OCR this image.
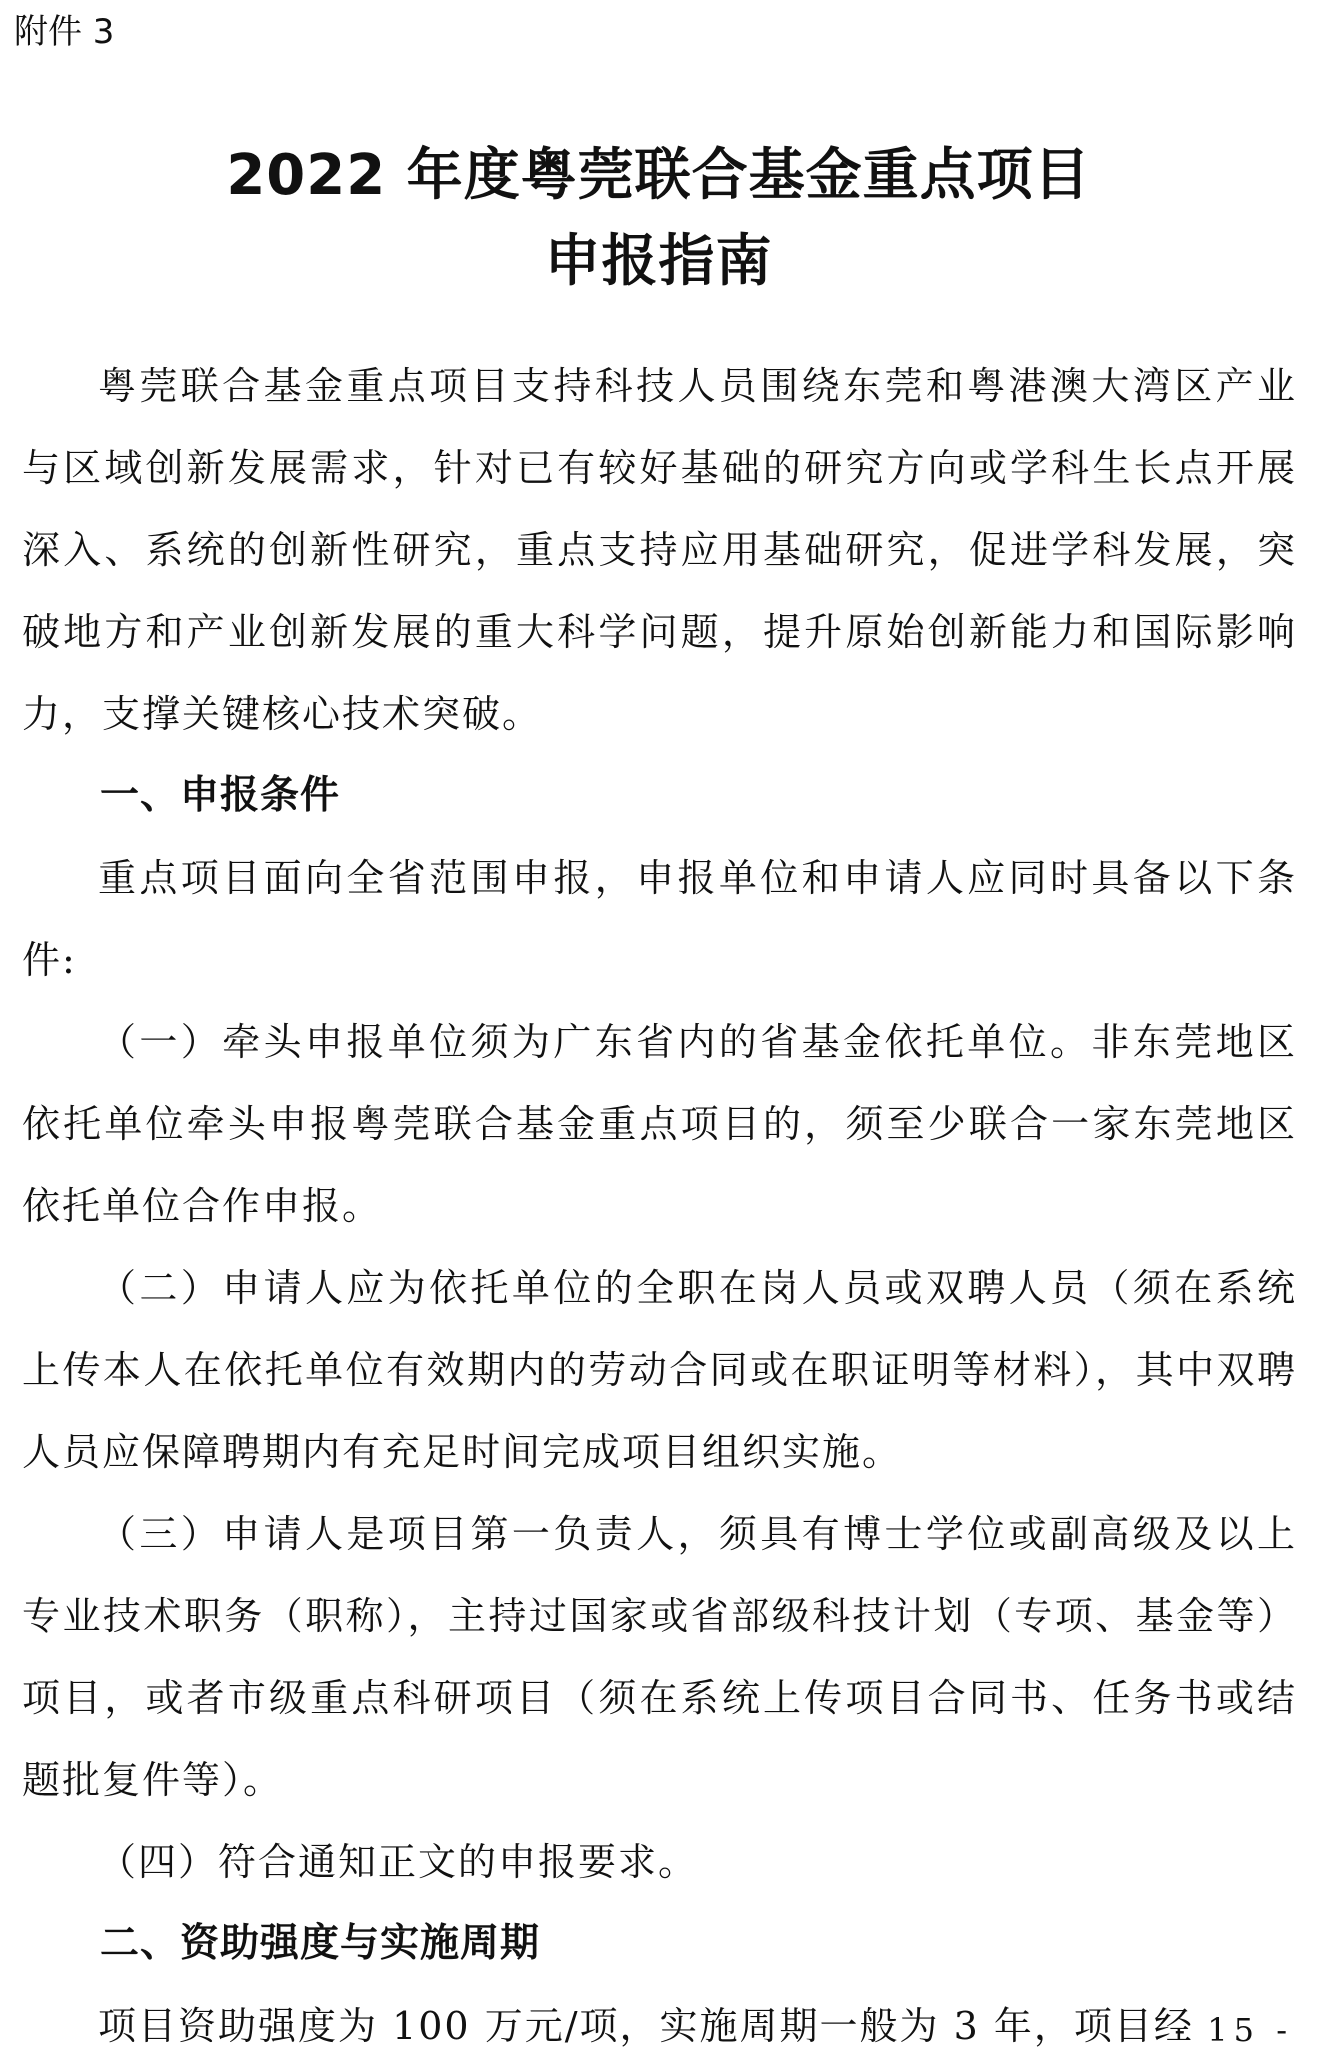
附件 3
2022 年度粤莞联合基金重点项目
申报指南

粤莞联合基金重点项目支持科技人员围绕东莞和粤港澳大湾区产业与区域创新发展需求，针对已有较好基础的研究方向或学科生长点开展深入、系统的创新性研究，重点支持应用基础研究，促进学科发展，突破地方和产业创新发展的重大科学问题，提升原始创新能力和国际影响力，支撑关键核心技术突破。

一、申报条件

重点项目面向全省范围申报，申报单位和申请人应同时具备以下条件:

（一）牵头申报单位须为广东省内的省基金依托单位。非东莞地区依托单位牵头申报粤莞联合基金重点项目的，须至少联合一家东莞地区依托单位合作申报。

（二）申请人应为依托单位的全职在岗人员或双聘人员（须在系统上传本人在依托单位有效期内的劳动合同或在职证明等材料），其中双聘人员应保障聘期内有充足时间完成项目组织实施。

（三）申请人是项目第一负责人，须具有博士学位或副高级及以上专业技术职务（职称），主持过国家或省部级科技计划（专项、基金等）项目，或者市级重点科研项目（须在系统上传项目合同书、任务书或结题批复件等）。

（四）符合通知正文的申报要求。

二、资助强度与实施周期

项目资助强度为 100 万元/项，实施周期一般为 3 年，项目经

- 15 -
